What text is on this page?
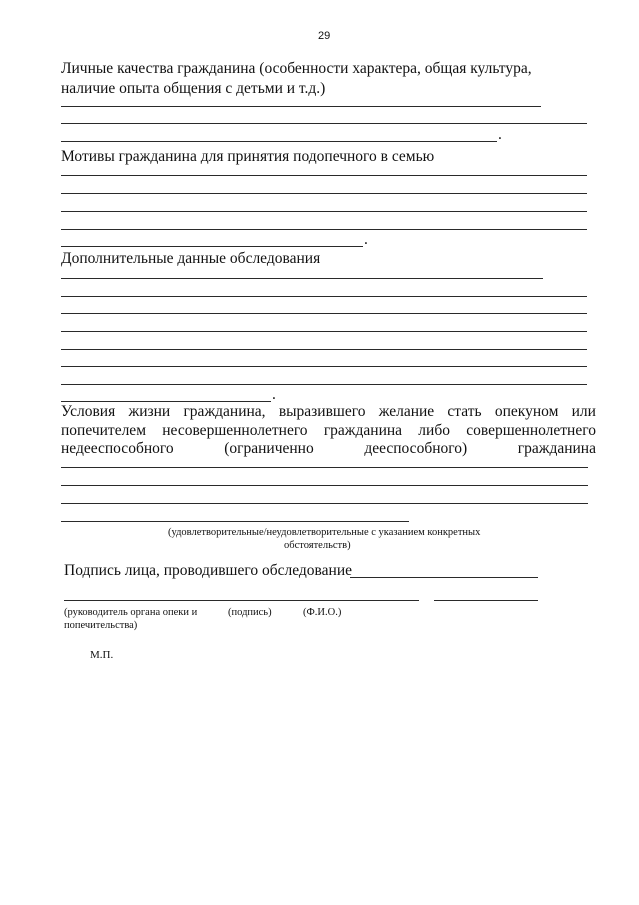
29
Личные качества гражданина (особенности характера, общая культура,
наличие опыта общения с детьми и т.д.)
.
Мотивы гражданина для принятия подопечного в семью
.
Дополнительные данные обследования
.
Условия жизни гражданина, выразившего желание стать опекуном или
попечителем несовершеннолетнего гражданина либо совершеннолетнего
недееспособного	(ограниченно	дееспособного)	гражданина
(удовлетворительные/неудовлетворительные с указанием конкретных
обстоятельств)
Подпись лица, проводившего обследование
(руководитель органа опеки и
попечительства)
(подпись)	(Ф.И.О.)
М.П.
